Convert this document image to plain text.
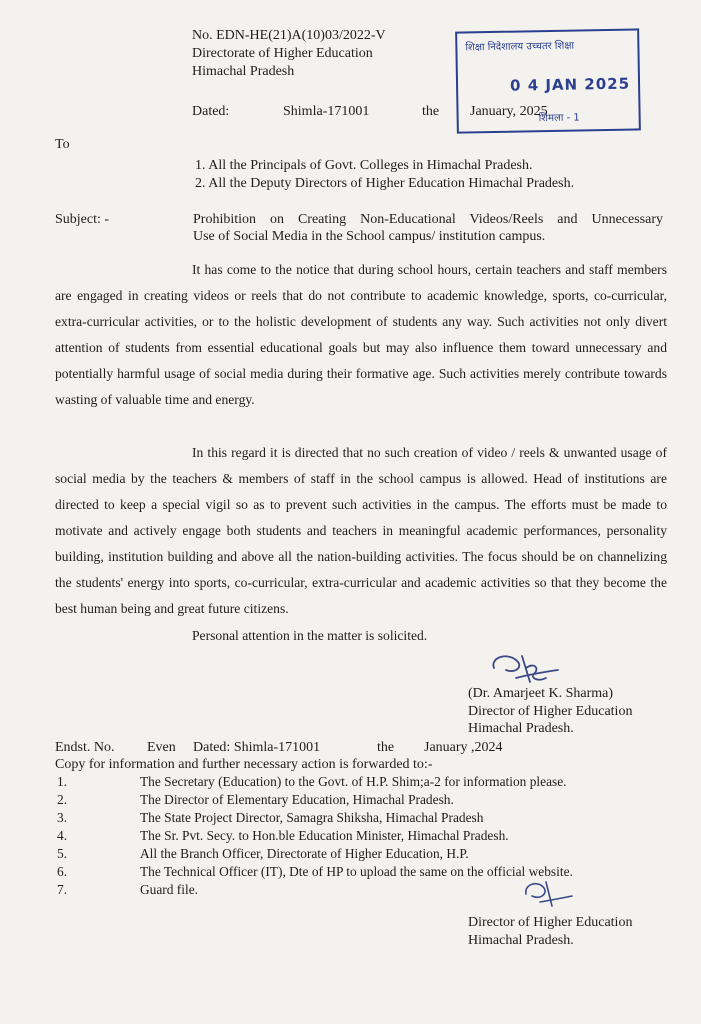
No. EDN-HE(21)A(10)03/2022-V
Directorate of Higher Education
Himachal Pradesh
Dated:	Shimla-171001	the January, 2025
शिक्षा निदेशालय उच्चतर शिक्षा
0 4 JAN 2025
शिमला - 1
To
1. All the Principals of Govt. Colleges in Himachal Pradesh.
2. All the Deputy Directors of Higher Education Himachal Pradesh.
Subject: -	Prohibition on Creating Non-Educational Videos/Reels and Unnecessary
Use of Social Media in the School campus/ institution campus.
It has come to the notice that during school hours, certain teachers and staff members are engaged in creating videos or reels that do not contribute to academic knowledge, sports, co-curricular, extra-curricular activities, or to the holistic development of students any way. Such activities not only divert attention of students from essential educational goals but may also influence them toward unnecessary and potentially harmful usage of social media during their formative age. Such activities merely contribute towards wasting of valuable time and energy.
In this regard it is directed that no such creation of video / reels & unwanted usage of social media by the teachers & members of staff in the school campus is allowed. Head of institutions are directed to keep a special vigil so as to prevent such activities in the campus. The efforts must be made to motivate and actively engage both students and teachers in meaningful academic performances, personality building, institution building and above all the nation-building activities. The focus should be on channelizing the students' energy into sports, co-curricular, extra-curricular and academic activities so that they become the best human being and great future citizens.
Personal attention in the matter is solicited.
(Dr. Amarjeet K. Sharma)
Director of Higher Education
Himachal Pradesh.
Endst. No. Even Dated: Shimla-171001	the January ,2024
Copy for information and further necessary action is forwarded to:-
1.	The Secretary (Education) to the Govt. of H.P. Shim;a-2 for information please.
2.	The Director of Elementary Education, Himachal Pradesh.
3.	The State Project Director, Samagra Shiksha, Himachal Pradesh
4.	The Sr. Pvt. Secy. to Hon.ble Education Minister, Himachal Pradesh.
5.	All the Branch Officer, Directorate of Higher Education, H.P.
6.	The Technical Officer (IT), Dte of HP to upload the same on the official website.
7.	Guard file.
Director of Higher Education
Himachal Pradesh.
